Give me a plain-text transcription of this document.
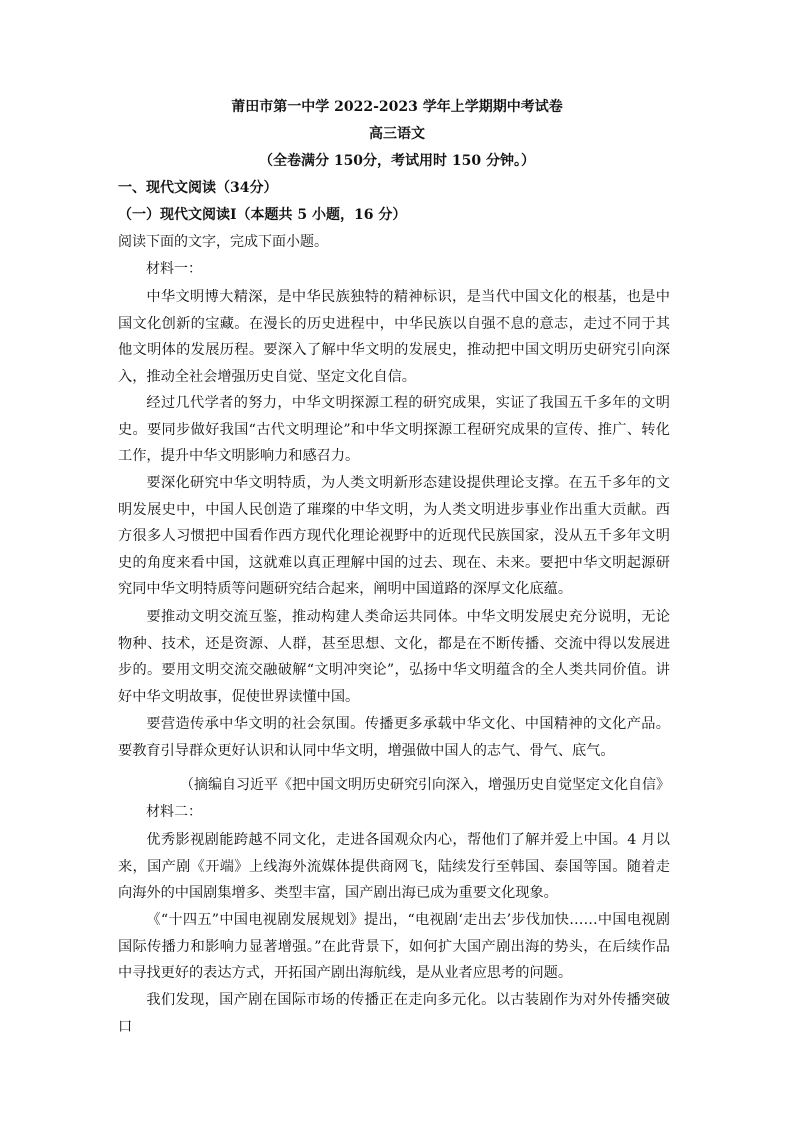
莆田市第一中学 2022-2023 学年上学期期中考试卷
高三语文
（全卷满分 150分，考试用时 150 分钟。）
一、现代文阅读（34分）
（一）现代文阅读Ⅰ（本题共 5 小题，16 分）
阅读下面的文字，完成下面小题。
材料一：

中华文明博大精深，是中华民族独特的精神标识，是当代中国文化的根基，也是中国文化创新的宝藏。在漫长的历史进程中，中华民族以自强不息的意志，走过不同于其他文明体的发展历程。要深入了解中华文明的发展史，推动把中国文明历史研究引向深入，推动全社会增强历史自觉、坚定文化自信。

经过几代学者的努力，中华文明探源工程的研究成果，实证了我国五千多年的文明史。要同步做好我国“古代文明理论”和中华文明探源工程研究成果的宣传、推广、转化工作，提升中华文明影响力和感召力。

要深化研究中华文明特质，为人类文明新形态建设提供理论支撑。在五千多年的文明发展史中，中国人民创造了璀璨的中华文明，为人类文明进步事业作出重大贡献。西方很多人习惯把中国看作西方现代化理论视野中的近现代民族国家，没从五千多年文明史的角度来看中国，这就难以真正理解中国的过去、现在、未来。要把中华文明起源研究同中华文明特质等问题研究结合起来，阐明中国道路的深厚文化底蕴。

要推动文明交流互鉴，推动构建人类命运共同体。中华文明发展史充分说明，无论物种、技术，还是资源、人群，甚至思想、文化，都是在不断传播、交流中得以发展进步的。要用文明交流交融破解“文明冲突论”，弘扬中华文明蕴含的全人类共同价值。讲好中华文明故事，促使世界读懂中国。

要营造传承中华文明的社会氛围。传播更多承载中华文化、中国精神的文化产品。要教育引导群众更好认识和认同中华文明，增强做中国人的志气、骨气、底气。

（摘编自习近平《把中国文明历史研究引向深入，增强历史自觉坚定文化自信》
材料二：

优秀影视剧能跨越不同文化，走进各国观众内心，帮他们了解并爱上中国。4 月以来，国产剧《开端》上线海外流媒体提供商网飞，陆续发行至韩国、泰国等国。随着走向海外的中国剧集增多、类型丰富，国产剧出海已成为重要文化现象。

《“十四五”中国电视剧发展规划》提出，“电视剧‘走出去’步伐加快……中国电视剧国际传播力和影响力显著增强。”在此背景下，如何扩大国产剧出海的势头，在后续作品中寻找更好的表达方式，开拓国产剧出海航线，是从业者应思考的问题。

我们发现，国产剧在国际市场的传播正在走向多元化。以古装剧作为对外传播突破口
